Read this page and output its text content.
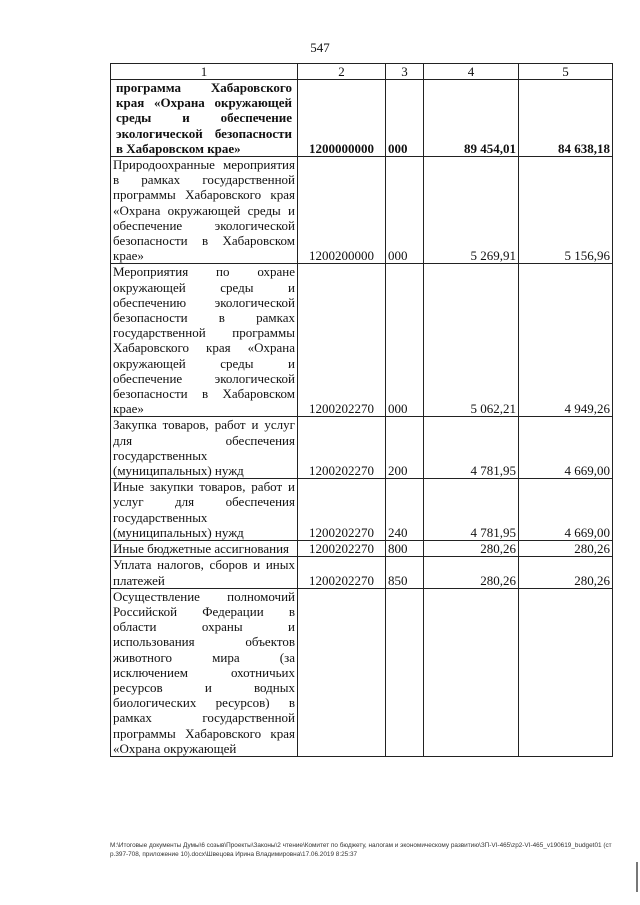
547
1	2	3	4	5
программа Хабаровского края «Охрана окружающей среды и обеспечение экологической безопасности в Хабаровском крае»	1200000000	000	89 454,01	84 638,18
Природоохранные мероприятия в рамках государственной программы Хабаровского края «Охрана окружающей среды и обеспечение экологической безопасности в Хабаровском крае»	1200200000	000	5 269,91	5 156,96
Мероприятия по охране окружающей среды и обеспечению экологической безопасности в рамках государственной программы Хабаровского края «Охрана окружающей среды и обеспечение экологической безопасности в Хабаровском крае»	1200202270	000	5 062,21	4 949,26
Закупка товаров, работ и услуг для обеспечения государственных (муниципальных) нужд	1200202270	200	4 781,95	4 669,00
Иные закупки товаров, работ и услуг для обеспечения государственных (муниципальных) нужд	1200202270	240	4 781,95	4 669,00
Иные бюджетные ассигнования	1200202270	800	280,26	280,26
Уплата налогов, сборов и иных платежей	1200202270	850	280,26	280,26
Осуществление полномочий Российской Федерации в области охраны и использования объектов животного мира (за исключением охотничьих ресурсов и водных биологических ресурсов) в рамках государственной программы Хабаровского края «Охрана окружающей				
М:\Итоговые документы Думы\6 созыв\Проекты\Законы\2 чтение\Комитет по бюджету, налогам и экономическому развитию\ЗП-VI-465\zp2-VI-465_v190619_budget01 (стр.397-708, приложение 10).docx\Швецова Ирина Владимировна\17.06.2019 8:25:37
